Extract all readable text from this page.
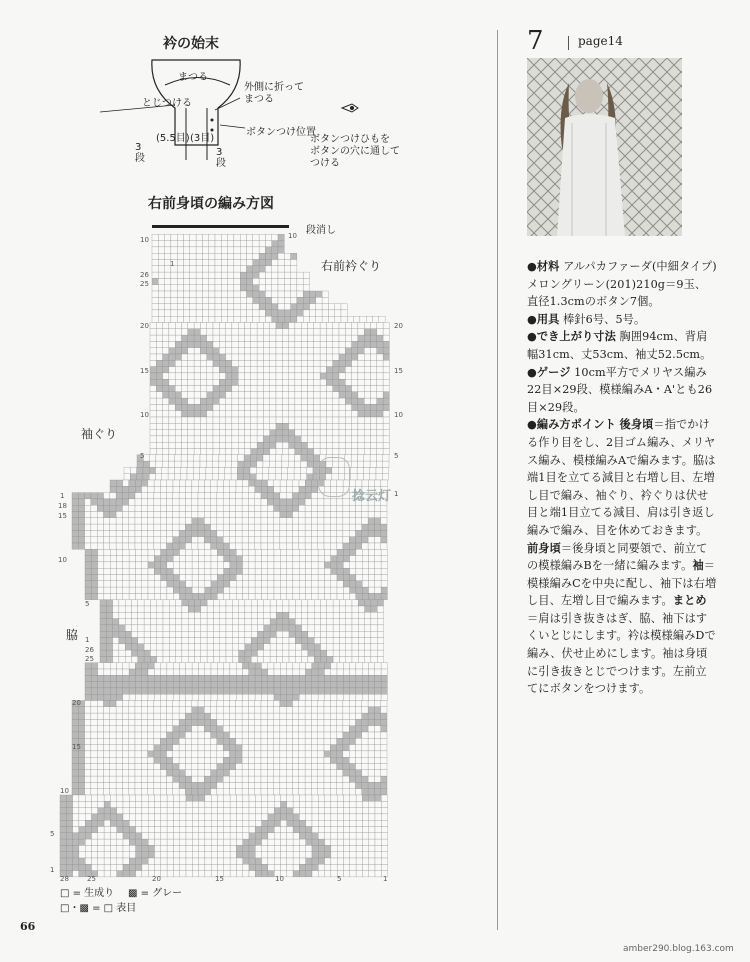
衿の始末
まつる
とじつける
外側に折って
まつる
ボタンつけ位置
(5.5目) (3目)
3
段
3
段
ボタンつけひもを
ボタンの穴に通して
つける
右前身頃の編み方図
段消し
右前衿ぐり
袖ぐり
脇
10
1
26
25
20
15
10
5
1
18
15
10
5
1
26
25
20
15
10
5
1
10
20
15
10
5
1
28	25	20	15	10	5	1
□ = 生成り ▩ = グレー
□・▩ = □ 表目
捻云灯
66
amber290.blog.163.com
7	page14

●材料 アルパカファーダ(中細タイプ) メロングリーン(201)210g＝9玉、直径1.3cmのボタン7個。

●用具 棒針6号、5号。

●でき上がり寸法 胸囲94cm、背肩幅31cm、丈53cm、袖丈52.5cm。

●ゲージ 10cm平方でメリヤス編み22目×29段、模様編みA・A'とも26目×29段。

●編み方ポイント 後身頃＝指でかける作り目をし、2目ゴム編み、メリヤス編み、模様編みAで編みます。脇は端1目を立てる減目と右増し目、左増し目で編み、袖ぐり、衿ぐりは伏せ目と端1目立てる減目、肩は引き返し編みで編み、目を休めておきます。前身頃＝後身頃と同要領で、前立ての模様編みBを一緒に編みます。袖＝模様編みCを中央に配し、袖下は右増し目、左増し目で編みます。まとめ＝肩は引き抜きはぎ、脇、袖下はすくいとじにします。衿は模様編みDで編み、伏せ止めにします。袖は身頃に引き抜きとじでつけます。左前立てにボタンをつけます。
